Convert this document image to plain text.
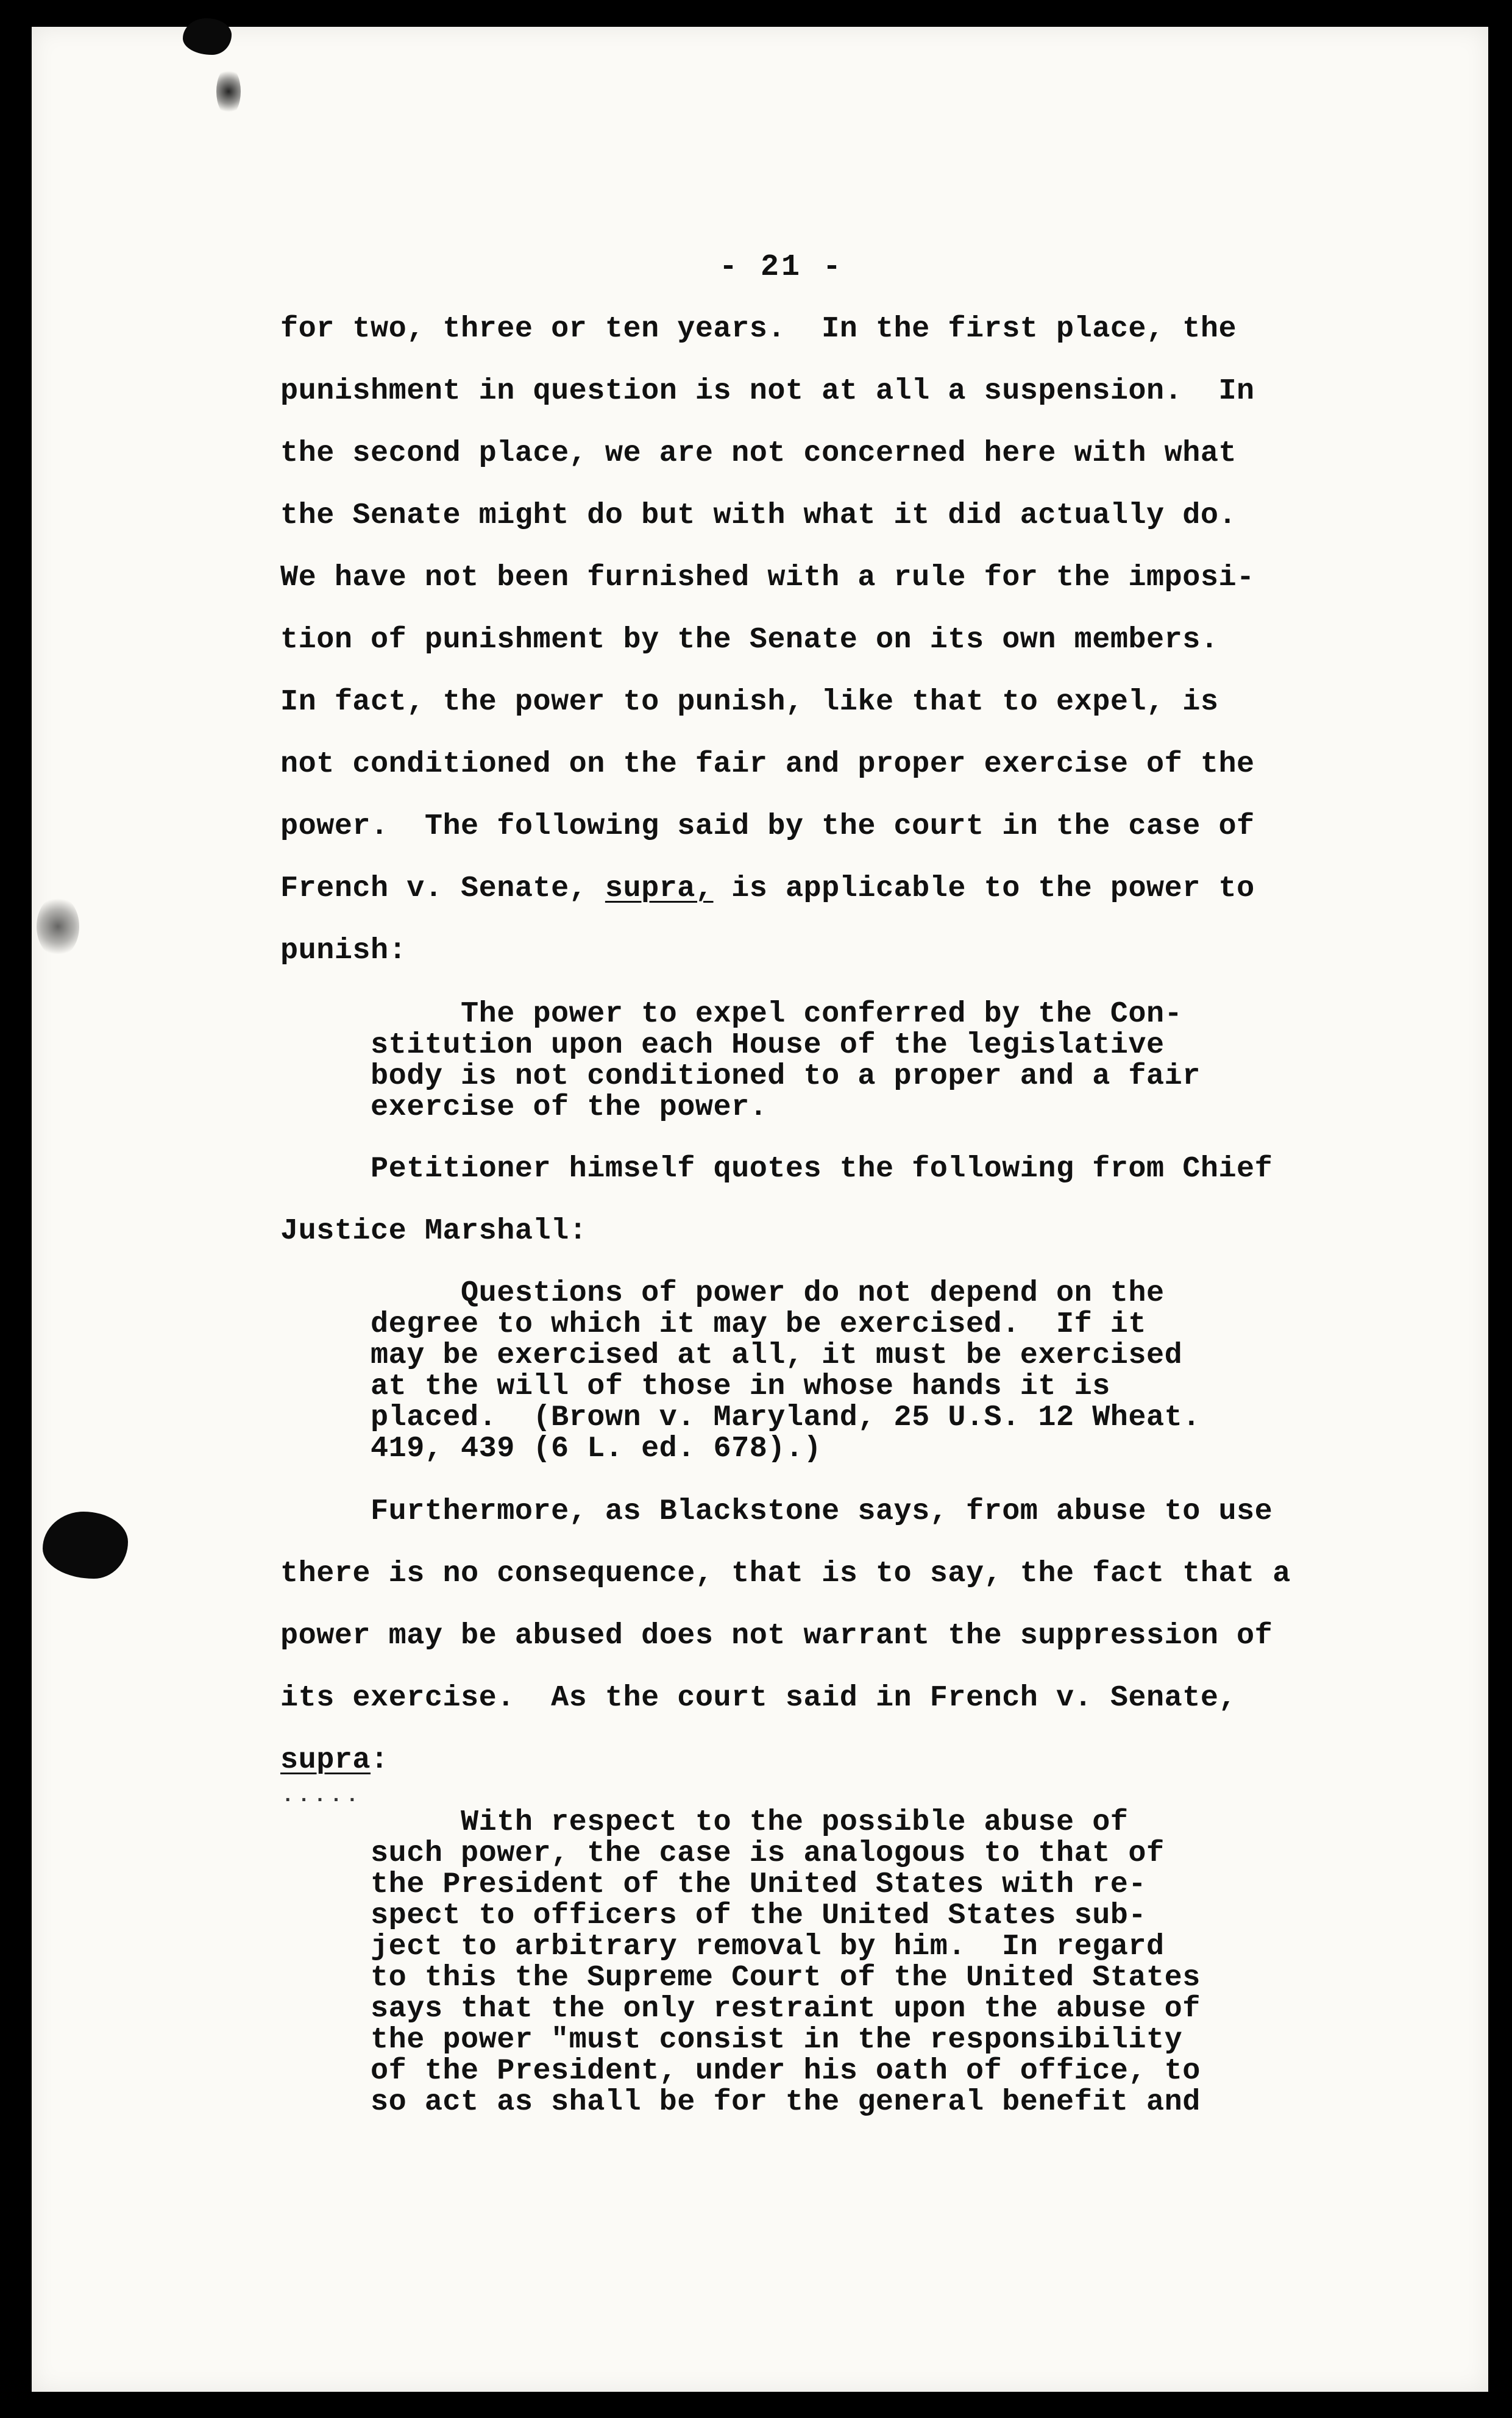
- 21 -
for two, three or ten years.  In the first place, the
punishment in question is not at all a suspension.  In
the second place, we are not concerned here with what
the Senate might do but with what it did actually do.
We have not been furnished with a rule for the imposi-
tion of punishment by the Senate on its own members.
In fact, the power to punish, like that to expel, is
not conditioned on the fair and proper exercise of the
power.  The following said by the court in the case of
French v. Senate, supra, is applicable to the power to
punish:
The power to expel conferred by the Con-
stitution upon each House of the legislative
body is not conditioned to a proper and a fair
exercise of the power.
Petitioner himself quotes the following from Chief
Justice Marshall:
Questions of power do not depend on the
degree to which it may be exercised.  If it
may be exercised at all, it must be exercised
at the will of those in whose hands it is
placed.  (Brown v. Maryland, 25 U.S. 12 Wheat.
419, 439 (6 L. ed. 678).)
Furthermore, as Blackstone says, from abuse to use
there is no consequence, that is to say, the fact that a
power may be abused does not warrant the suppression of
its exercise.  As the court said in French v. Senate,
supra:
.....
With respect to the possible abuse of
such power, the case is analogous to that of
the President of the United States with re-
spect to officers of the United States sub-
ject to arbitrary removal by him.  In regard
to this the Supreme Court of the United States
says that the only restraint upon the abuse of
the power "must consist in the responsibility
of the President, under his oath of office, to
so act as shall be for the general benefit and
